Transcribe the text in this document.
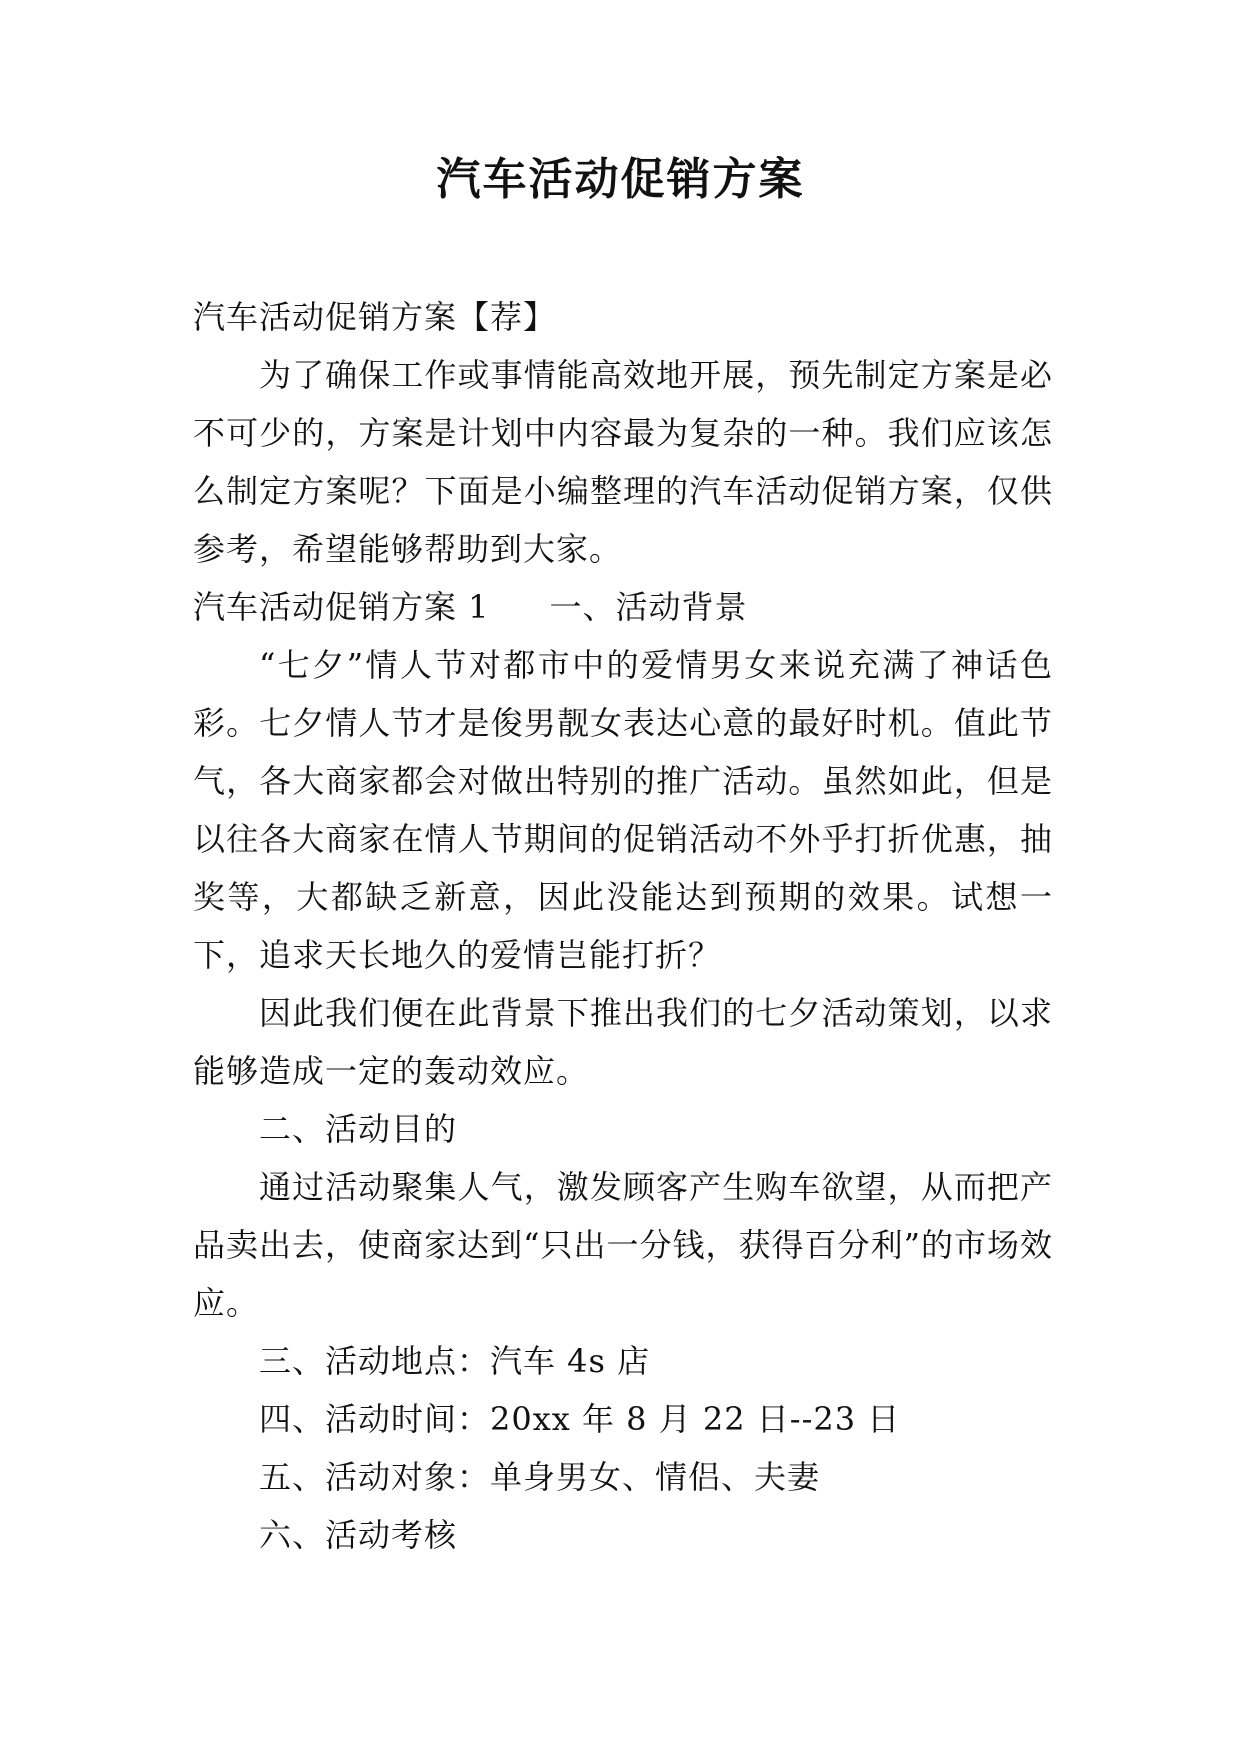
汽车活动促销方案

汽车活动促销方案【荐】

为了确保工作或事情能高效地开展，预先制定方案是必不可少的，方案是计划中内容最为复杂的一种。我们应该怎么制定方案呢？下面是小编整理的汽车活动促销方案，仅供参考，希望能够帮助到大家。

汽车活动促销方案 1 一、活动背景

“七夕”情人节对都市中的爱情男女来说充满了神话色彩。七夕情人节才是俊男靓女表达心意的最好时机。值此节气，各大商家都会对做出特别的推广活动。虽然如此，但是以往各大商家在情人节期间的促销活动不外乎打折优惠，抽奖等，大都缺乏新意，因此没能达到预期的效果。试想一下，追求天长地久的爱情岂能打折？

因此我们便在此背景下推出我们的七夕活动策划，以求能够造成一定的轰动效应。

二、活动目的

通过活动聚集人气，激发顾客产生购车欲望，从而把产品卖出去，使商家达到“只出一分钱，获得百分利”的市场效应。

三、活动地点：汽车 4s 店

四、活动时间：20xx 年 8 月 22 日--23 日

五、活动对象：单身男女、情侣、夫妻

六、活动考核
